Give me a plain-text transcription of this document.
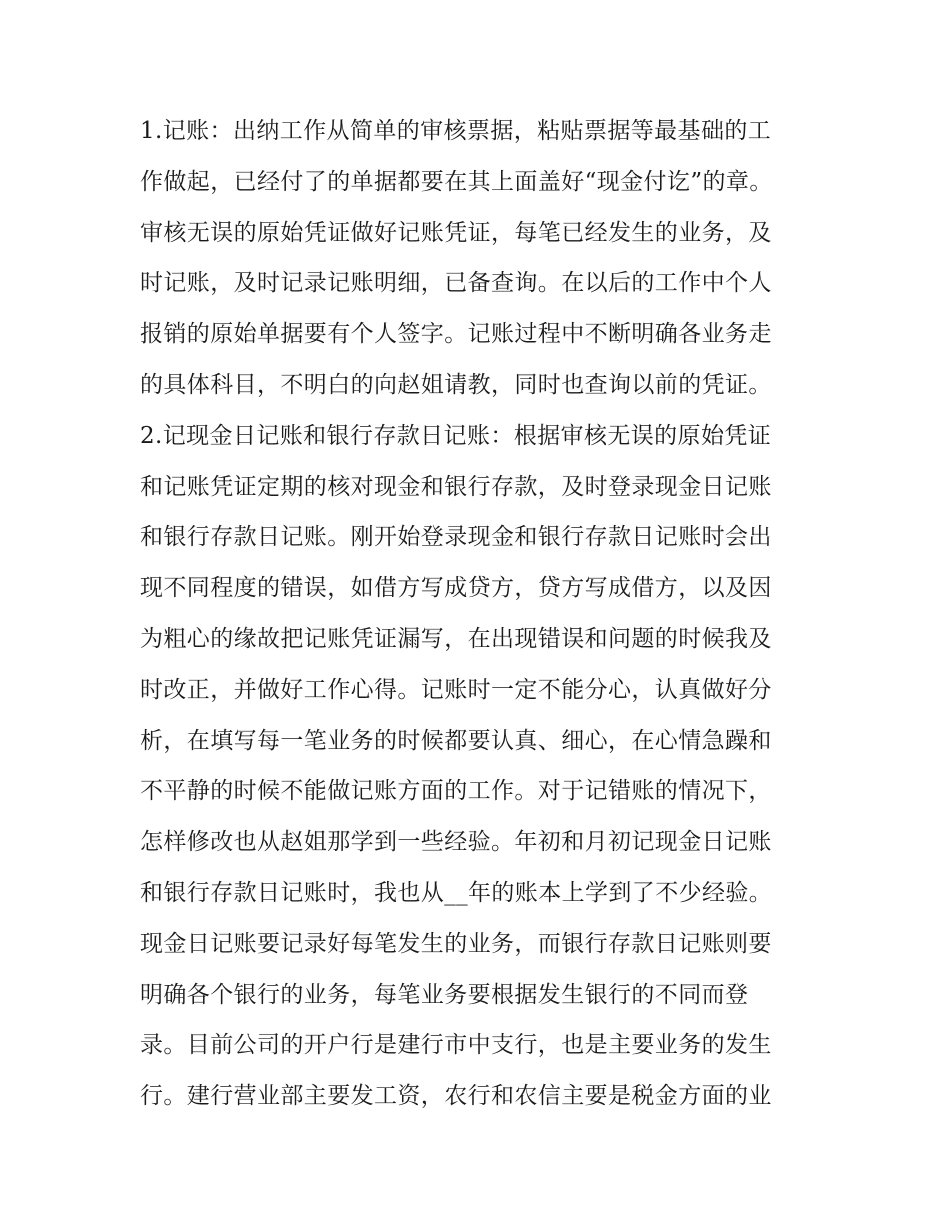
1.记账：出纳工作从简单的审核票据，粘贴票据等最基础的工
作做起，已经付了的单据都要在其上面盖好“现金付讫”的章。
审核无误的原始凭证做好记账凭证，每笔已经发生的业务，及
时记账，及时记录记账明细，已备查询。在以后的工作中个人
报销的原始单据要有个人签字。记账过程中不断明确各业务走
的具体科目，不明白的向赵姐请教，同时也查询以前的凭证。
2.记现金日记账和银行存款日记账：根据审核无误的原始凭证
和记账凭证定期的核对现金和银行存款，及时登录现金日记账
和银行存款日记账。刚开始登录现金和银行存款日记账时会出
现不同程度的错误，如借方写成贷方，贷方写成借方，以及因
为粗心的缘故把记账凭证漏写，在出现错误和问题的时候我及
时改正，并做好工作心得。记账时一定不能分心，认真做好分
析，在填写每一笔业务的时候都要认真、细心，在心情急躁和
不平静的时候不能做记账方面的工作。对于记错账的情况下，
怎样修改也从赵姐那学到一些经验。年初和月初记现金日记账
和银行存款日记账时，我也从__年的账本上学到了不少经验。
现金日记账要记录好每笔发生的业务，而银行存款日记账则要
明确各个银行的业务，每笔业务要根据发生银行的不同而登
录。目前公司的开户行是建行市中支行，也是主要业务的发生
行。建行营业部主要发工资，农行和农信主要是税金方面的业
